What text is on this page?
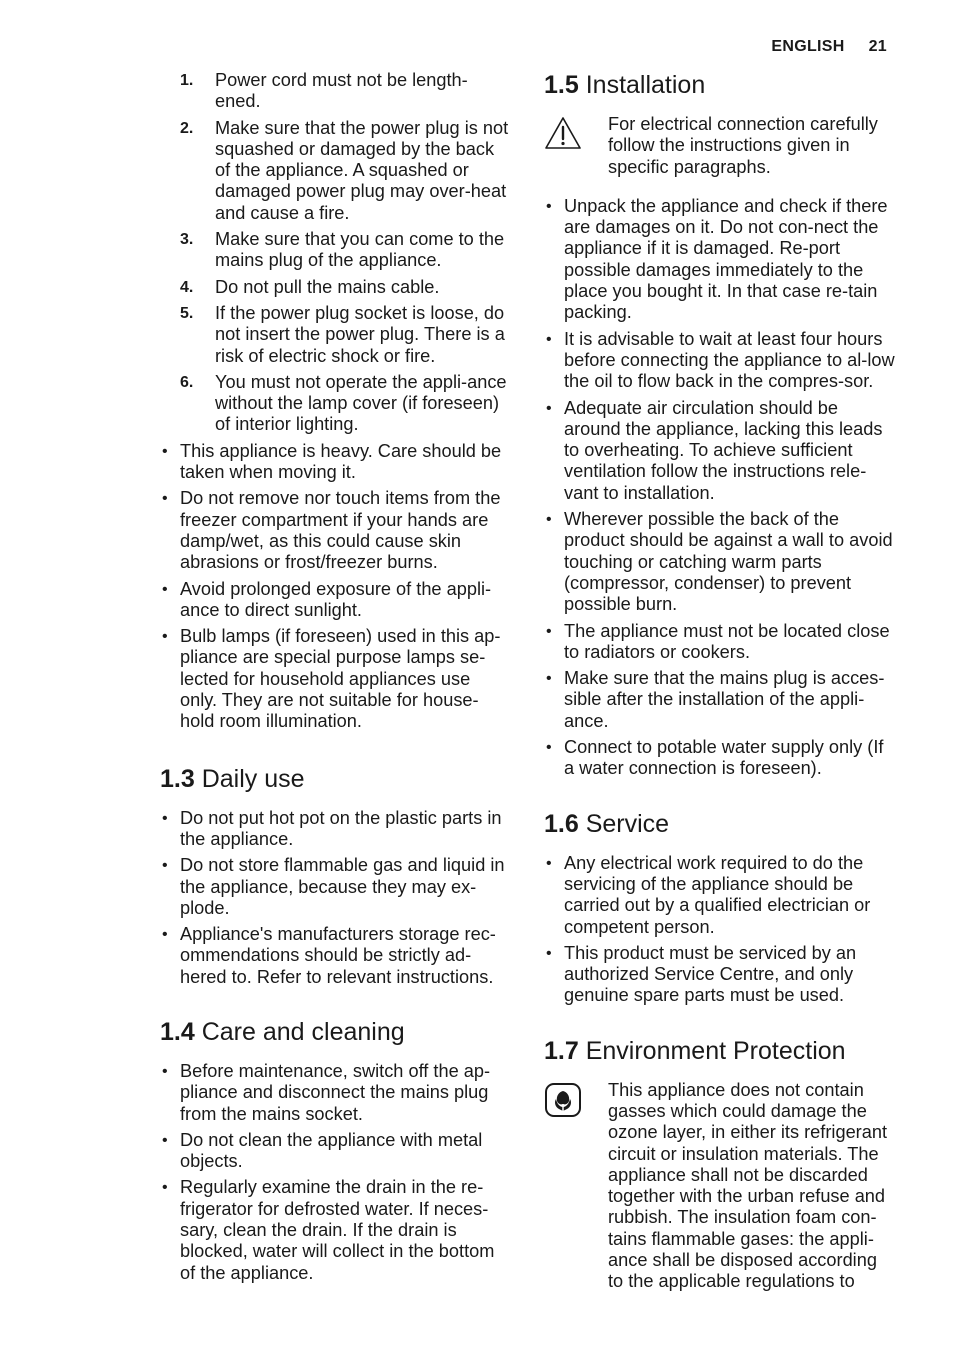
ENGLISH 21
1. Power cord must not be length-ened.
2. Make sure that the power plug is not squashed or damaged by the back of the appliance. A squashed or damaged power plug may over-heat and cause a fire.
3. Make sure that you can come to the mains plug of the appliance.
4. Do not pull the mains cable.
5. If the power plug socket is loose, do not insert the power plug. There is a risk of electric shock or fire.
6. You must not operate the appli-ance without the lamp cover (if foreseen) of interior lighting.
• This appliance is heavy. Care should be taken when moving it.
• Do not remove nor touch items from the freezer compartment if your hands are damp/wet, as this could cause skin abrasions or frost/freezer burns.
• Avoid prolonged exposure of the appli-ance to direct sunlight.
• Bulb lamps (if foreseen) used in this ap-pliance are special purpose lamps se-lected for household appliances use only. They are not suitable for house-hold room illumination.
1.3 Daily use
• Do not put hot pot on the plastic parts in the appliance.
• Do not store flammable gas and liquid in the appliance, because they may ex-plode.
• Appliance's manufacturers storage rec-ommendations should be strictly ad-hered to. Refer to relevant instructions.
1.4 Care and cleaning
• Before maintenance, switch off the ap-pliance and disconnect the mains plug from the mains socket.
• Do not clean the appliance with metal objects.
• Regularly examine the drain in the re-frigerator for defrosted water. If neces-sary, clean the drain. If the drain is blocked, water will collect in the bottom of the appliance.
1.5 Installation
For electrical connection carefully follow the instructions given in specific paragraphs.
• Unpack the appliance and check if there are damages on it. Do not con-nect the appliance if it is damaged. Re-port possible damages immediately to the place you bought it. In that case re-tain packing.
• It is advisable to wait at least four hours before connecting the appliance to al-low the oil to flow back in the compres-sor.
• Adequate air circulation should be around the appliance, lacking this leads to overheating. To achieve sufficient ventilation follow the instructions rele-vant to installation.
• Wherever possible the back of the product should be against a wall to avoid touching or catching warm parts (compressor, condenser) to prevent possible burn.
• The appliance must not be located close to radiators or cookers.
• Make sure that the mains plug is acces-sible after the installation of the appli-ance.
• Connect to potable water supply only (If a water connection is foreseen).
1.6 Service
• Any electrical work required to do the servicing of the appliance should be carried out by a qualified electrician or competent person.
• This product must be serviced by an authorized Service Centre, and only genuine spare parts must be used.
1.7 Environment Protection
This appliance does not contain gasses which could damage the ozone layer, in either its refrigerant circuit or insulation materials. The appliance shall not be discarded together with the urban refuse and rubbish. The insulation foam con-tains flammable gases: the appli-ance shall be disposed according to the applicable regulations to
